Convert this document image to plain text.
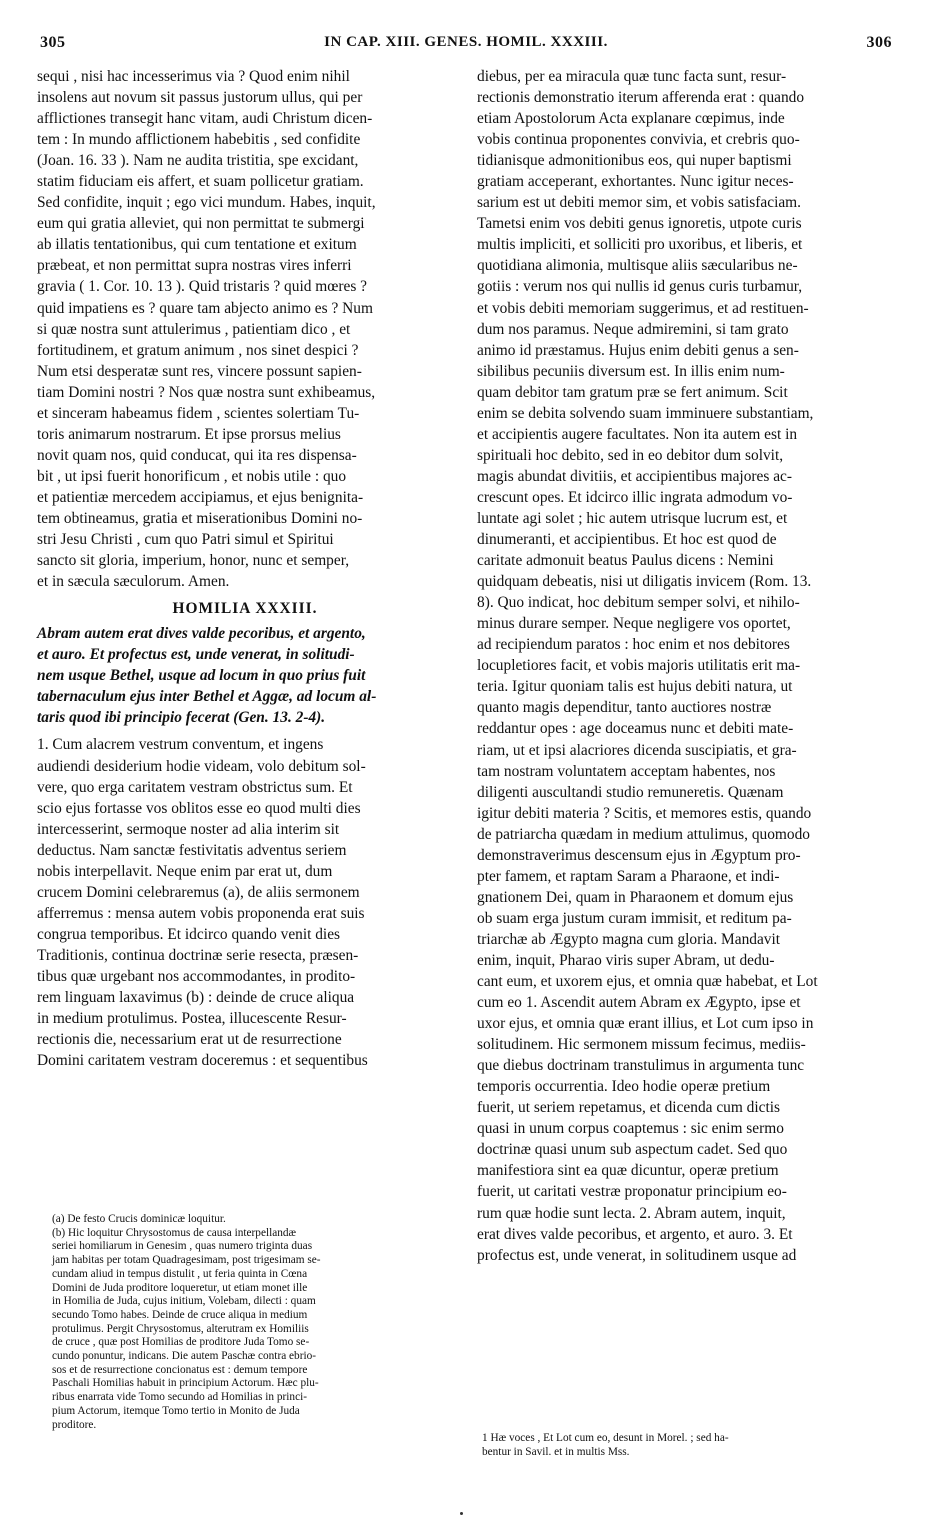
305	IN CAP. XIII. GENES. HOMIL. XXXIII.	306
sequi , nisi hac incesserimus via ? Quod enim nihil
insolens aut novum sit passus justorum ullus, qui per
afflictiones transegit hanc vitam, audi Christum dicen-
tem : In mundo afflictionem habebitis , sed confidite
(Joan. 16. 33 ). Nam ne audita tristitia, spe excidant,
statim fiduciam eis affert, et suam pollicetur gratiam.
Sed confidite, inquit ; ego vici mundum. Habes, inquit,
eum qui gratia alleviet, qui non permittat te submergi
ab illatis tentationibus, qui cum tentatione et exitum
præbeat, et non permittat supra nostras vires inferri
gravia ( 1. Cor. 10. 13 ). Quid tristaris ? quid mœres ?
quid impatiens es ? quare tam abjecto animo es ? Num
si quæ nostra sunt attulerimus , patientiam dico , et
fortitudinem, et gratum animum , nos sinet despici ?
Num etsi desperatæ sunt res, vincere possunt sapien-
tiam Domini nostri ? Nos quæ nostra sunt exhibeamus,
et sinceram habeamus fidem , scientes solertiam Tu-
toris animarum nostrarum. Et ipse prorsus melius
novit quam nos, quid conducat, qui ita res dispensa-
bit , ut ipsi fuerit honorificum , et nobis utile : quo
et patientiæ mercedem accipiamus, et ejus benignita-
tem obtineamus, gratia et miserationibus Domini no-
stri Jesu Christi , cum quo Patri simul et Spiritui
sancto sit gloria, imperium, honor, nunc et semper,
et in sæcula sæculorum. Amen.
HOMILIA XXXIII.
Abram autem erat dives valde pecoribus, et argento,
et auro. Et profectus est, unde venerat, in solitudi-
nem usque Bethel, usque ad locum in quo prius fuit
tabernaculum ejus inter Bethel et Aggæ, ad locum al-
taris quod ibi principio fecerat (Gen. 13. 2-4).
1. Cum alacrem vestrum conventum, et ingens
audiendi desiderium hodie videam, volo debitum sol-
vere, quo erga caritatem vestram obstrictus sum. Et
scio ejus fortasse vos oblitos esse eo quod multi dies
intercesserint, sermoque noster ad alia interim sit
deductus. Nam sanctæ festivitatis adventus seriem
nobis interpellavit. Neque enim par erat ut, dum
crucem Domini celebraremus (a), de aliis sermonem
afferremus : mensa autem vobis proponenda erat suis
congrua temporibus. Et idcirco quando venit dies
Traditionis, continua doctrinæ serie resecta, præsen-
tibus quæ urgebant nos accommodantes, in prodito-
rem linguam laxavimus (b) : deinde de cruce aliqua
in medium protulimus. Postea, illucescente Resur-
rectionis die, necessarium erat ut de resurrectione
Domini caritatem vestram doceremus : et sequentibus
(a) De festo Crucis dominicæ loquitur.
(b) Hic loquitur Chrysostomus de causa interpellandæ
seriei homiliarum in Genesim , quas numero triginta duas
jam habitas per totam Quadragesimam, post trigesimam se-
cundam aliud in tempus distulit , ut feria quinta in Cœna
Domini de Juda proditore loqueretur, ut etiam monet ille
in Homilia de Juda, cujus initium, Volebam, dilecti : quam
secundo Tomo habes. Deinde de cruce aliqua in medium
protulimus. Pergit Chrysostomus, alterutram ex Homiliis
de cruce , quæ post Homilias de proditore Juda Tomo se-
cundo ponuntur, indicans. Die autem Paschæ contra ebrio-
sos et de resurrectione concionatus est : demum tempore
Paschali Homilias habuit in principium Actorum. Hæc plu-
ribus enarrata vide Tomo secundo ad Homilias in princi-
pium Actorum, itemque Tomo tertio in Monito de Juda
proditore.
diebus, per ea miracula quæ tunc facta sunt, resur-
rectionis demonstratio iterum afferenda erat : quando
etiam Apostolorum Acta explanare cœpimus, inde
vobis continua proponentes convivia, et crebris quo-
tidianisque admonitionibus eos, qui nuper baptismi
gratiam acceperant, exhortantes. Nunc igitur neces-
sarium est ut debiti memor sim, et vobis satisfaciam.
Tametsi enim vos debiti genus ignoretis, utpote curis
multis impliciti, et solliciti pro uxoribus, et liberis, et
quotidiana alimonia, multisque aliis sæcularibus ne-
gotiis : verum nos qui nullis id genus curis turbamur,
et vobis debiti memoriam suggerimus, et ad restituen-
dum nos paramus. Neque admiremini, si tam grato
animo id præstamus. Hujus enim debiti genus a sen-
sibilibus pecuniis diversum est. In illis enim num-
quam debitor tam gratum præ se fert animum. Scit
enim se debita solvendo suam imminuere substantiam,
et accipientis augere facultates. Non ita autem est in
spirituali hoc debito, sed in eo debitor dum solvit,
magis abundat divitiis, et accipientibus majores ac-
crescunt opes. Et idcirco illic ingrata admodum vo-
luntate agi solet ; hic autem utrisque lucrum est, et
dinumeranti, et accipientibus. Et hoc est quod de
caritate admonuit beatus Paulus dicens : Nemini
quidquam debeatis, nisi ut diligatis invicem (Rom. 13.
8). Quo indicat, hoc debitum semper solvi, et nihilo-
minus durare semper. Neque negligere vos oportet,
ad recipiendum paratos : hoc enim et nos debitores
locupletiores facit, et vobis majoris utilitatis erit ma-
teria. Igitur quoniam talis est hujus debiti natura, ut
quanto magis dependitur, tanto auctiores nostræ
reddantur opes : age doceamus nunc et debiti mate-
riam, ut et ipsi alacriores dicenda suscipiatis, et gra-
tam nostram voluntatem acceptam habentes, nos
diligenti auscultandi studio remuneretis. Quænam
igitur debiti materia ? Scitis, et memores estis, quando
de patriarcha quædam in medium attulimus, quomodo
demonstraverimus descensum ejus in Ægyptum pro-
pter famem, et raptam Saram a Pharaone, et indi-
gnationem Dei, quam in Pharaonem et domum ejus
ob suam erga justum curam immisit, et reditum pa-
triarchæ ab Ægypto magna cum gloria. Mandavit
enim, inquit, Pharao viris super Abram, ut dedu-
cant eum, et uxorem ejus, et omnia quæ habebat, et Lot
cum eo 1. Ascendit autem Abram ex Ægypto, ipse et
uxor ejus, et omnia quæ erant illius, et Lot cum ipso in
solitudinem. Hic sermonem missum fecimus, mediis-
que diebus doctrinam transtulimus in argumenta tunc
temporis occurrentia. Ideo hodie operæ pretium
fuerit, ut seriem repetamus, et dicenda cum dictis
quasi in unum corpus coaptemus : sic enim sermo
doctrinæ quasi unum sub aspectum cadet. Sed quo
manifestiora sint ea quæ dicuntur, operæ pretium
fuerit, ut caritati vestræ proponatur principium eo-
rum quæ hodie sunt lecta. 2. Abram autem, inquit,
erat dives valde pecoribus, et argento, et auro. 3. Et
profectus est, unde venerat, in solitudinem usque ad
1 Hæ voces , Et Lot cum eo, desunt in Morel. ; sed ha-
bentur in Savil. et in multis Mss.
